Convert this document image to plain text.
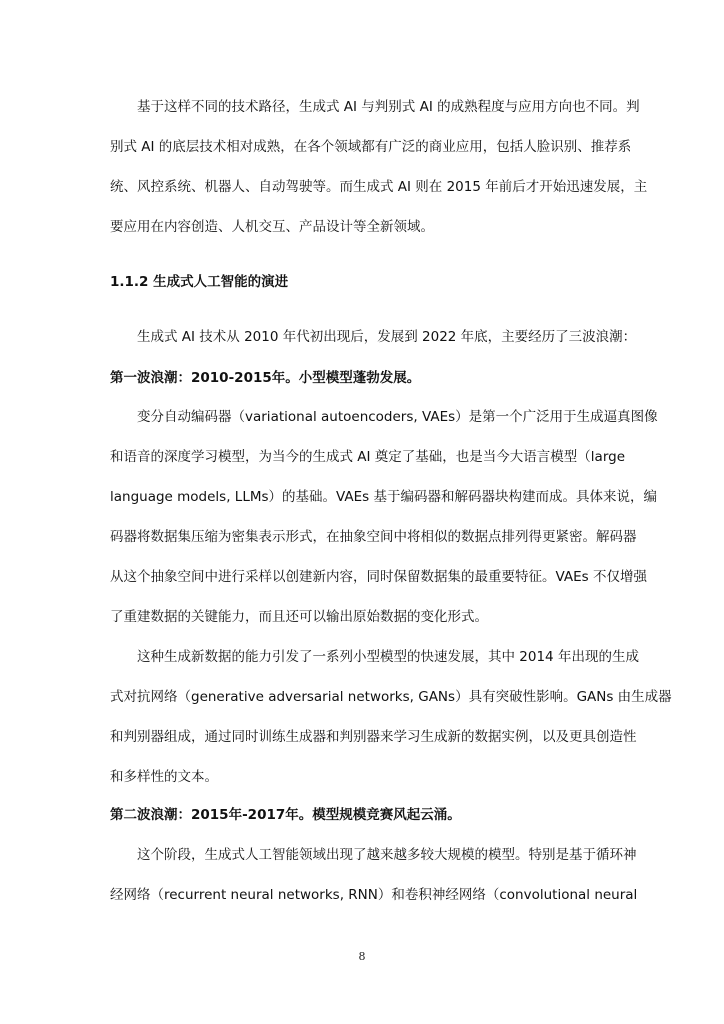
基于这样不同的技术路径，生成式 AI 与判别式 AI 的成熟程度与应用方向也不同。判
别式 AI 的底层技术相对成熟，在各个领域都有广泛的商业应用，包括人脸识别、推荐系
统、风控系统、机器人、自动驾驶等。而生成式 AI 则在 2015 年前后才开始迅速发展，主
要应用在内容创造、人机交互、产品设计等全新领域。
1.1.2 生成式人工智能的演进
生成式 AI 技术从 2010 年代初出现后，发展到 2022 年底，主要经历了三波浪潮：
第一波浪潮：2010-2015年。小型模型蓬勃发展。
变分自动编码器（variational autoencoders, VAEs）是第一个广泛用于生成逼真图像
和语音的深度学习模型，为当今的生成式 AI 奠定了基础，也是当今大语言模型（large
language models, LLMs）的基础。VAEs 基于编码器和解码器块构建而成。具体来说，编
码器将数据集压缩为密集表示形式，在抽象空间中将相似的数据点排列得更紧密。解码器
从这个抽象空间中进行采样以创建新内容，同时保留数据集的最重要特征。VAEs 不仅增强
了重建数据的关键能力，而且还可以输出原始数据的变化形式。
这种生成新数据的能力引发了一系列小型模型的快速发展，其中 2014 年出现的生成
式对抗网络（generative adversarial networks, GANs）具有突破性影响。GANs 由生成器
和判别器组成，通过同时训练生成器和判别器来学习生成新的数据实例，以及更具创造性
和多样性的文本。
第二波浪潮：2015年-2017年。模型规模竞赛风起云涌。
这个阶段，生成式人工智能领域出现了越来越多较大规模的模型。特别是基于循环神
经网络（recurrent neural networks, RNN）和卷积神经网络（convolutional neural
8
